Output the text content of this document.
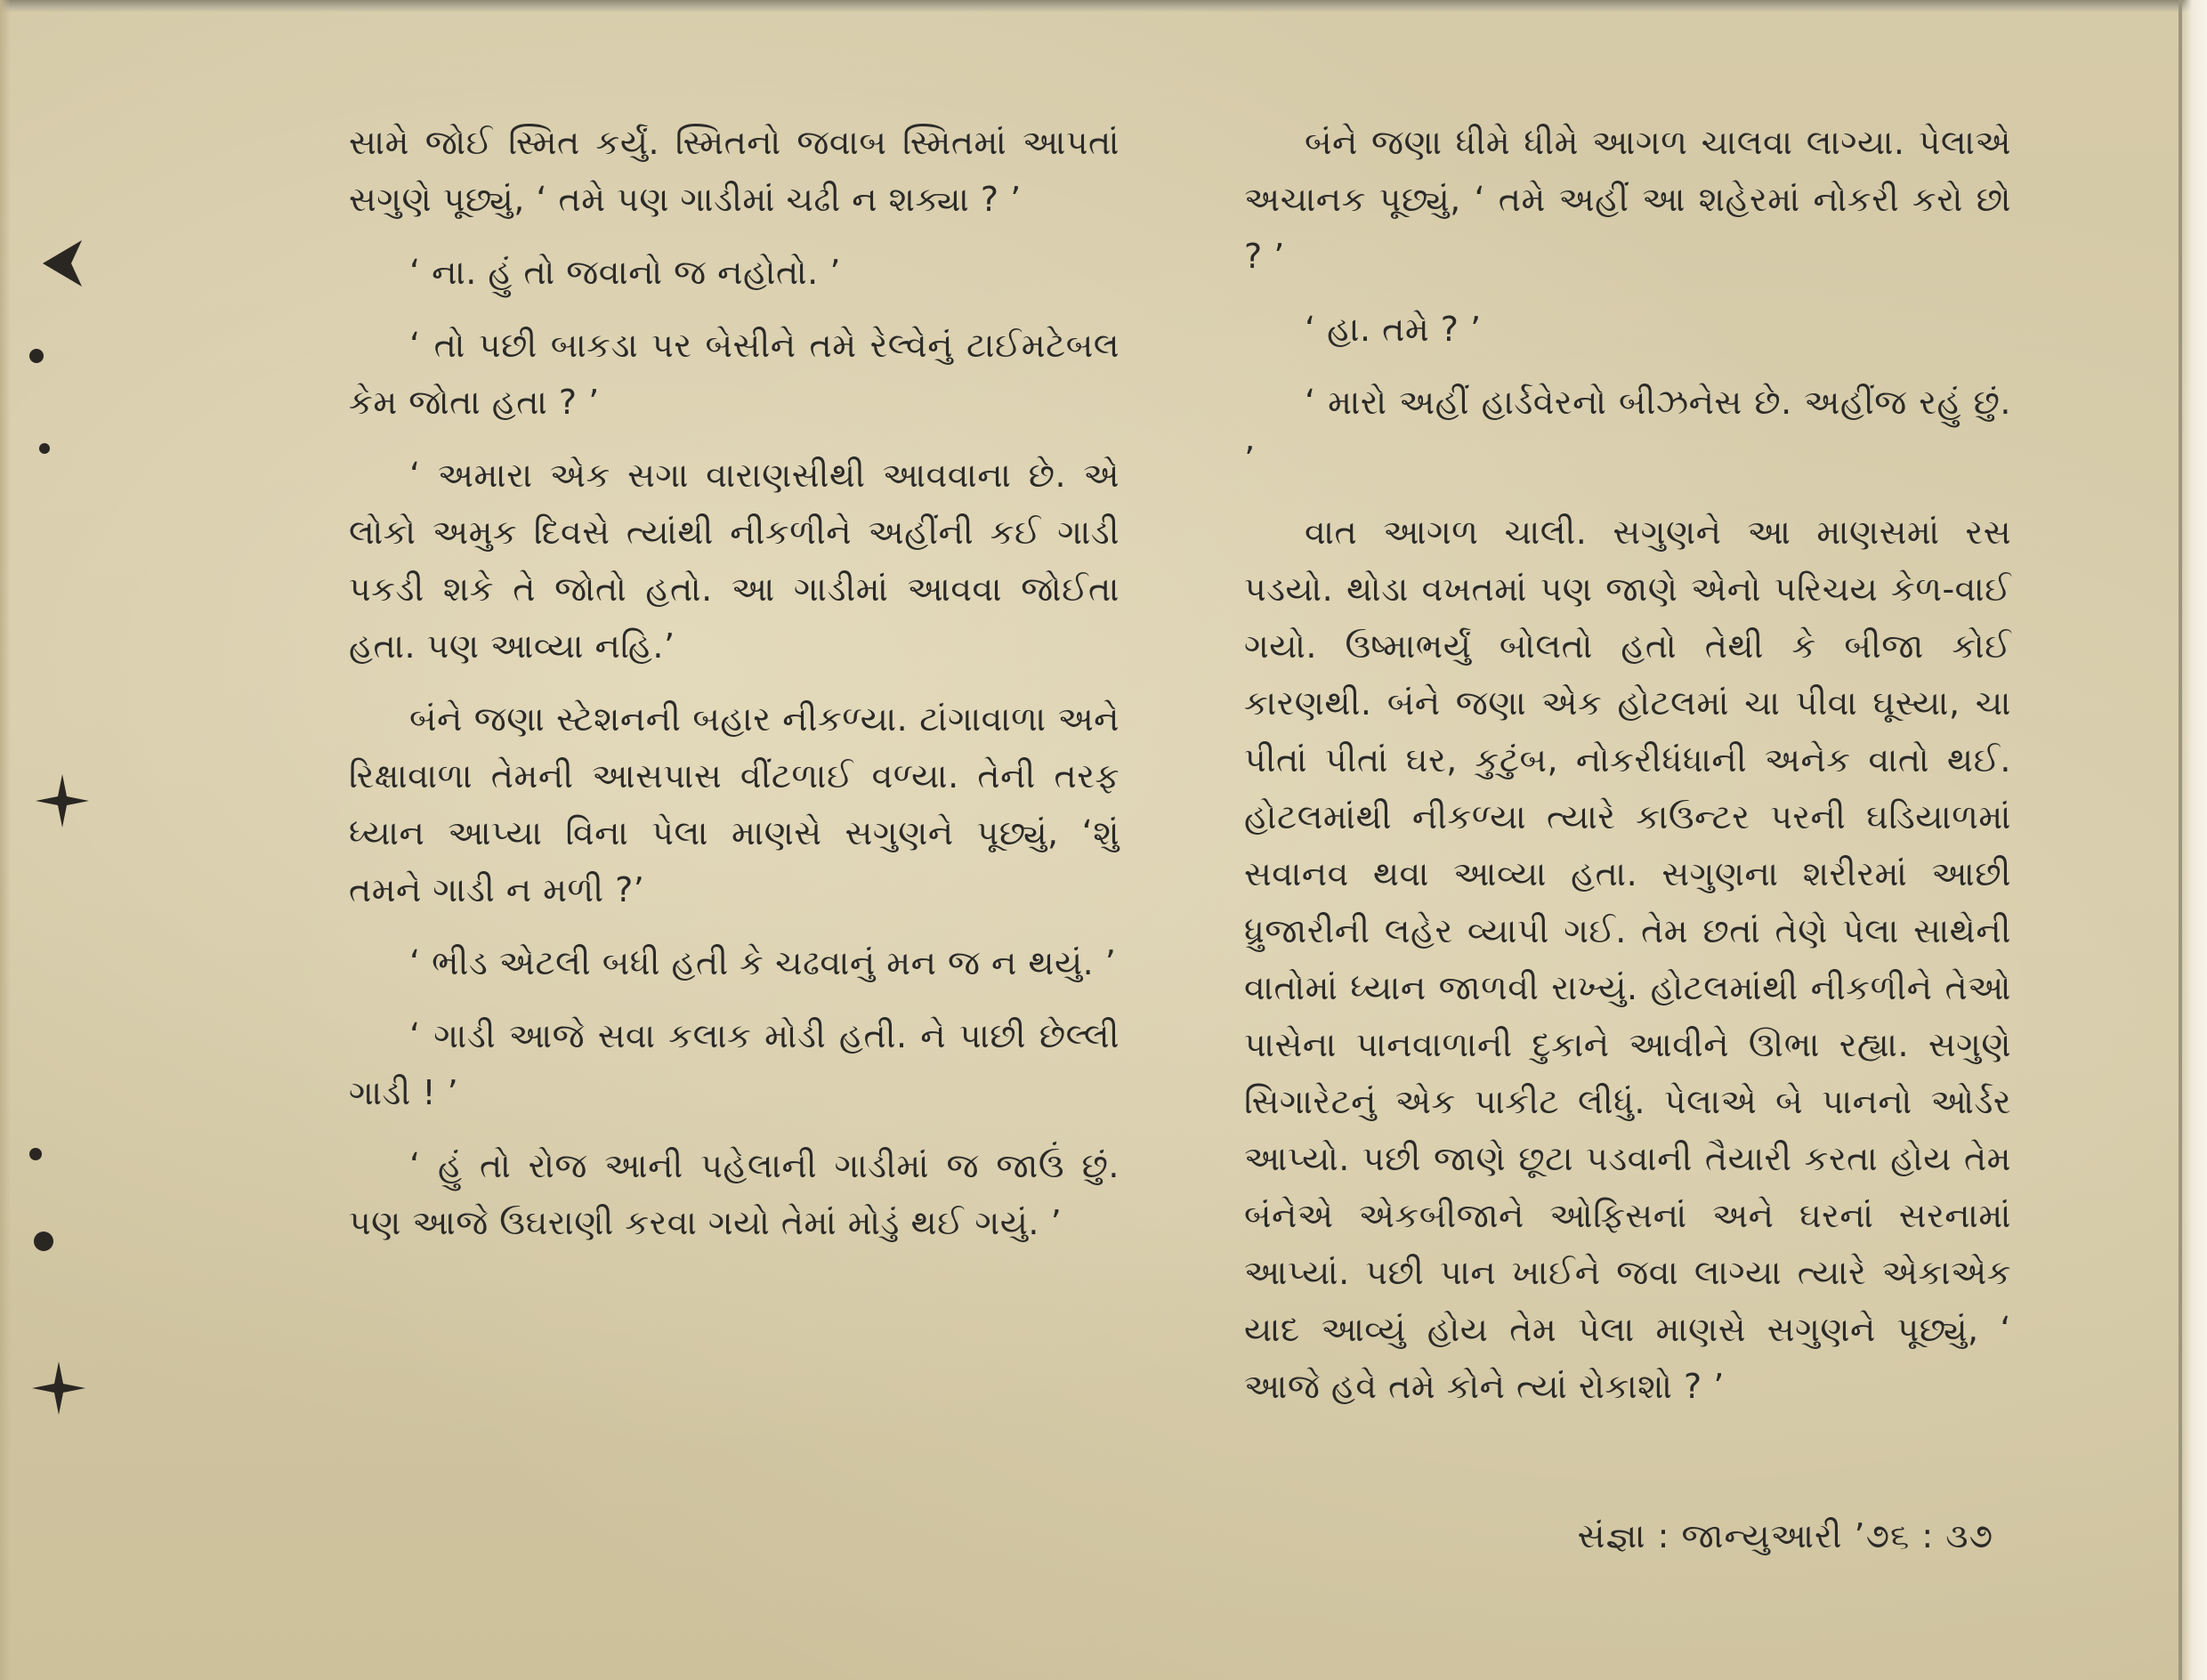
સામે જોઈ સ્મિત કર્યું. સ્મિતનો જવાબ સ્મિતમાં આપતાં સગુણે પૂછ્યું, ‘ તમે પણ ગાડીમાં ચઢી ન શક્યા ? ’

‘ ના. હું તો જવાનો જ નહોતો. ’

‘ તો પછી બાકડા પર બેસીને તમે રેલ્વેનું ટાઈમટેબલ કેમ જોતા હતા ? ’

‘ અમારા એક સગા વારાણસીથી આવવાના છે. એ લોકો અમુક દિવસે ત્યાંથી નીકળીને અહીંની કઈ ગાડી પકડી શકે તે જોતો હતો. આ ગાડીમાં આવવા જોઈતા હતા. પણ આવ્યા નહિ.’

બંને જણા સ્ટેશનની બહાર નીકળ્યા. ટાંગાવાળા અને રિક્ષાવાળા તેમની આસપાસ વીંટળાઈ વળ્યા. તેની તરફ ધ્યાન આપ્યા વિના પેલા માણસે સગુણને પૂછ્યું, ‘શું તમને ગાડી ન મળી ?’

‘ ભીડ એટલી બધી હતી કે ચઢવાનું મન જ ન થયું. ’

‘ ગાડી આજે સવા કલાક મોડી હતી. ને પાછી છેલ્લી ગાડી ! ’

‘ હું તો રોજ આની પહેલાની ગાડીમાં જ જાઉં છું. પણ આજે ઉઘરાણી કરવા ગયો તેમાં મોડું થઈ ગયું. ’

બંને જણા ધીમે ધીમે આગળ ચાલવા લાગ્યા. પેલાએ અચાનક પૂછ્યું, ‘ તમે અહીં આ શહેરમાં નોકરી કરો છો ? ’

‘ હા. તમે ? ’

‘ મારો અહીં હાર્ડવેરનો બીઝનેસ છે. અહીંજ રહું છું. ’

વાત આગળ ચાલી. સગુણને આ માણસમાં રસ પડયો. થોડા વખતમાં પણ જાણે એનો પરિચય કેળ-વાઈ ગયો. ઉષ્માભર્યું બોલતો હતો તેથી કે બીજા કોઈ કારણથી. બંને જણા એક હોટલમાં ચા પીવા ઘૂસ્યા, ચા પીતાં પીતાં ઘર, કુટુંબ, નોકરીધંધાની અનેક વાતો થઈ. હોટલમાંથી નીકળ્યા ત્યારે કાઉન્ટર પરની ઘડિયાળમાં સવાનવ થવા આવ્યા હતા. સગુણના શરીરમાં આછી ધ્રુજારીની લહેર વ્યાપી ગઈ. તેમ છતાં તેણે પેલા સાથેની વાતોમાં ધ્યાન જાળવી રાખ્યું. હોટલમાંથી નીકળીને તેઓ પાસેના પાનવાળાની દુકાને આવીને ઊભા રહ્યા. સગુણે સિગારેટનું એક પાકીટ લીધું. પેલાએ બે પાનનો ઓર્ડર આપ્યો. પછી જાણે છૂટા પડવાની તૈયારી કરતા હોય તેમ બંનેએ એકબીજાને ઓફિસનાં અને ઘરનાં સરનામાં આપ્યાં. પછી પાન ખાઈને જવા લાગ્યા ત્યારે એકાએક યાદ આવ્યું હોય તેમ પેલા માણસે સગુણને પૂછ્યું, ‘ આજે હવે તમે કોને ત્યાં રોકાશો ? ’

સંજ્ઞા : જાન્યુઆરી ’૭૬ : ૩૭
